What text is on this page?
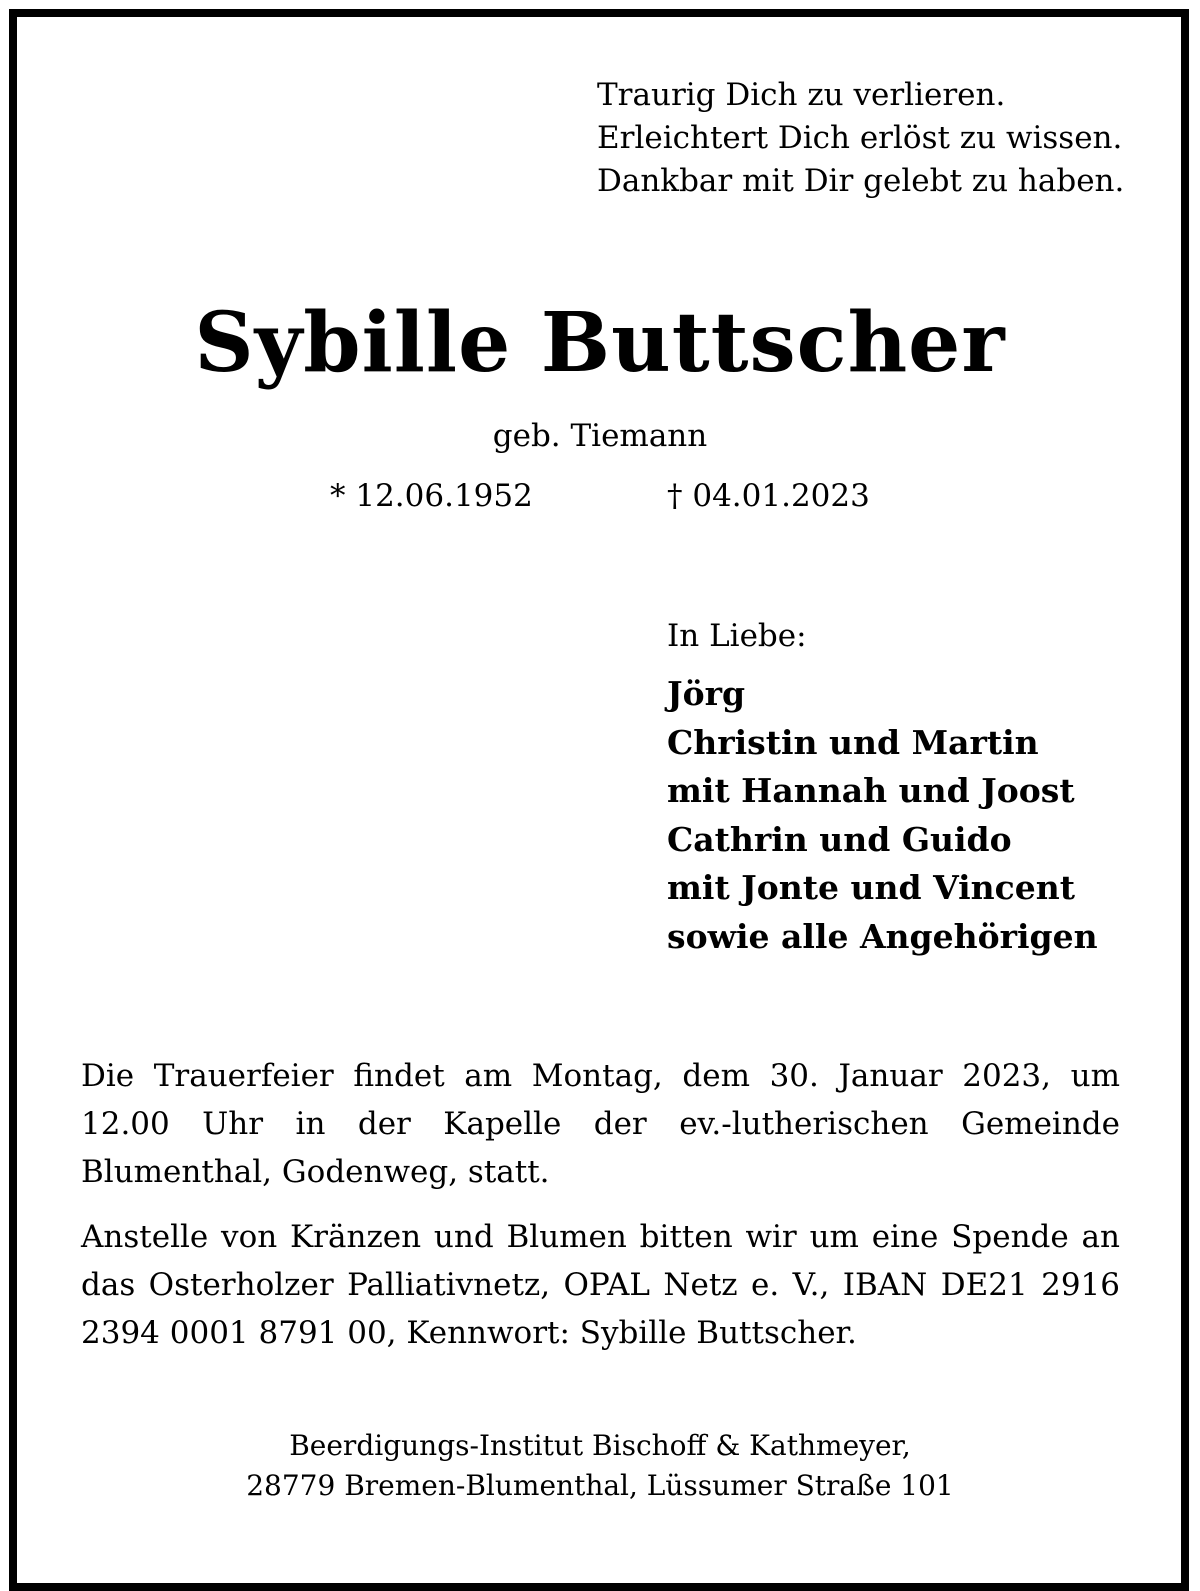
Traurig Dich zu verlieren.
Erleichtert Dich erlöst zu wissen.
Dankbar mit Dir gelebt zu haben.
Sybille Buttscher
geb. Tiemann
* 12.06.1952	† 04.01.2023
In Liebe:
Jörg
Christin und Martin
mit Hannah und Joost
Cathrin und Guido
mit Jonte und Vincent
sowie alle Angehörigen

Die Trauerfeier findet am Montag, dem 30. Januar 2023, um 12.00 Uhr in der Kapelle der ev.-lutherischen Gemeinde Blumenthal, Godenweg, statt.

Anstelle von Kränzen und Blumen bitten wir um eine Spende an das Osterholzer Palliativnetz, OPAL Netz e. V., IBAN DE21 2916 2394 0001 8791 00, Kennwort: Sybille Buttscher.

Beerdigungs-Institut Bischoff & Kathmeyer,
28779 Bremen-Blumenthal, Lüssumer Straße 101
